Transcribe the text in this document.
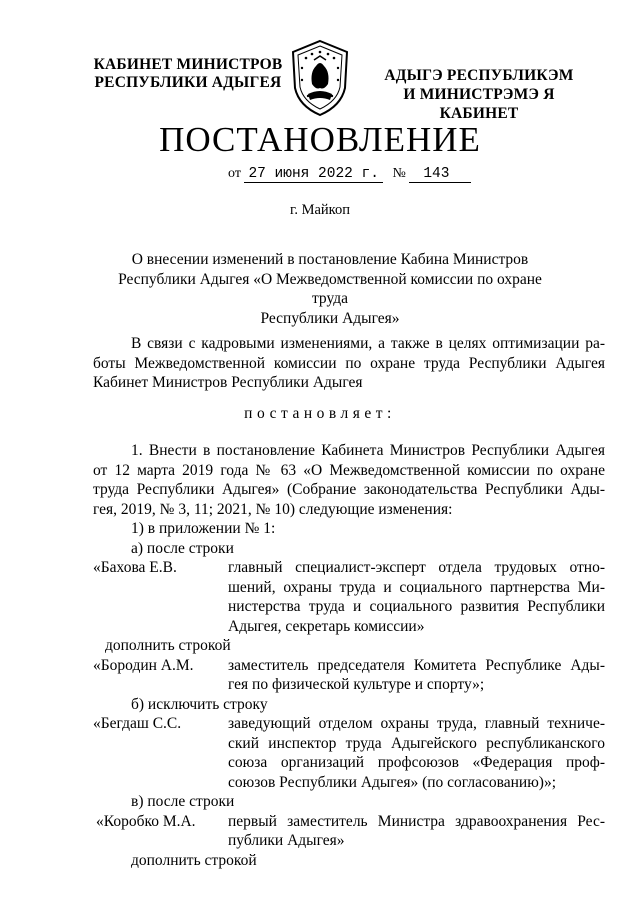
КАБИНЕТ МИНИСТРОВ
РЕСПУБЛИКИ АДЫГЕЯ	АДЫГЭ РЕСПУБЛИКЭМ
И МИНИСТРЭМЭ Я КАБИНЕТ
ПОСТАНОВЛЕНИЕ
от 27 июня 2022 г. № 143
г. Майкоп
О внесении изменений в постановление Кабина Министров
Республики Адыгея «О Межведомственной комиссии по охране труда
Республики Адыгея»
В связи с кадровыми изменениями, а также в целях оптимизации ра-
боты Межведомственной комиссии по охране труда Республики Адыгея
Кабинет Министров Республики Адыгея
постановляет:
1. Внести в постановление Кабинета Министров Республики Адыгея
от 12 марта 2019 года № 63 «О Межведомственной комиссии по охране
труда Республики Адыгея» (Собрание законодательства Республики Ады-
гея, 2019, № 3, 11; 2021, № 10) следующие изменения:
1) в приложении № 1:
а) после строки
«Бахова Е.В.	главный специалист-эксперт отдела трудовых отно-
шений, охраны труда и социального партнерства Ми-
нистерства труда и социального развития Республики
Адыгея, секретарь комиссии»
дополнить строкой
«Бородин А.М.	заместитель председателя Комитета Республике Ады-
гея по физической культуре и спорту»;
б) исключить строку
«Бегдаш С.С.	заведующий отделом охраны труда, главный техниче-
ский инспектор труда Адыгейского республиканского
союза организаций профсоюзов «Федерация проф-
союзов Республики Адыгея» (по согласованию)»;
в) после строки
«Коробко М.А.	первый заместитель Министра здравоохранения Рес-
публики Адыгея»
дополнить строкой
